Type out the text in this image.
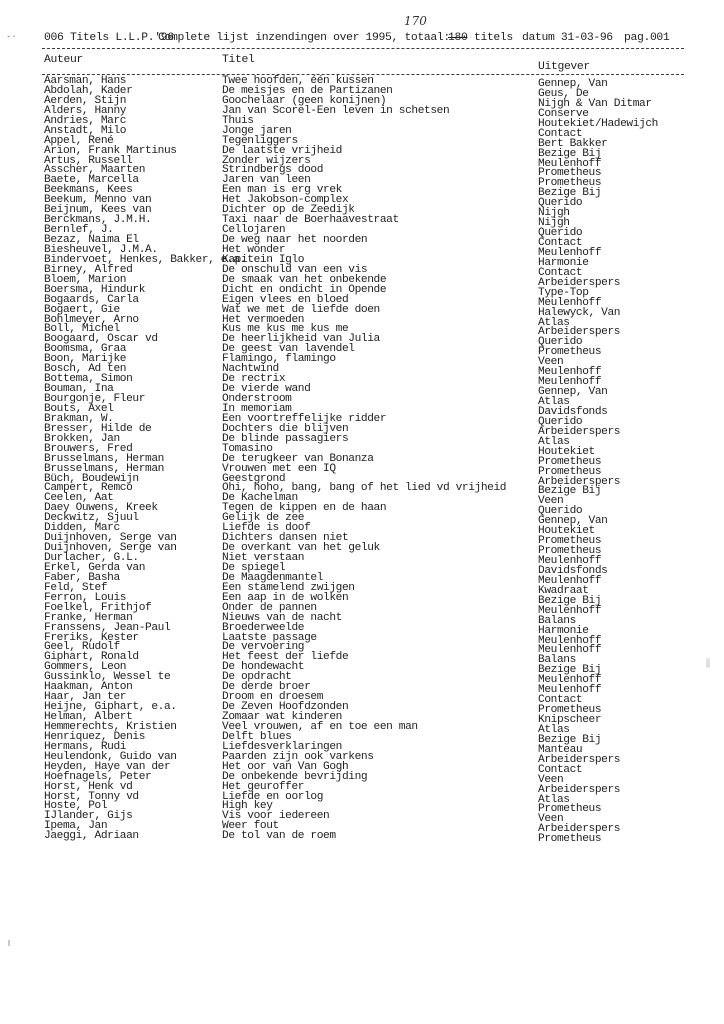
-·
170
006 Titels L.L.P.'96
Complete lijst inzendingen over 1995, totaal:
180 titels datum 31-03-96 pag.001
Auteur	Titel
Uitgever
Aarsman, Hans
Abdolah, Kader
Aerden, Stijn
Alders, Hanny
Andries, Marc
Anstadt, Milo
Appel, René
Arion, Frank Martinus
Artus, Russell
Asscher, Maarten
Baete, Marcella
Beekmans, Kees
Beekum, Menno van
Beijnum, Kees van
Berckmans, J.M.H.
Bernlef, J.
Bezaz, Naima El
Biesheuvel, J.M.A.
Bindervoet, Henkes, Bakker, e.a.
Birney, Alfred
Bloem, Marion
Boersma, Hindurk
Bogaards, Carla
Bogaert, Gie
Bohlmeyer, Arno
Boll, Michel
Boogaard, Oscar vd
Boomsma, Graa
Boon, Marijke
Bosch, Ad ten
Bottema, Simon
Bouman, Ina
Bourgonje, Fleur
Bouts, Axel
Brakman, W.
Bresser, Hilde de
Brokken, Jan
Brouwers, Fred
Brusselmans, Herman
Brusselmans, Herman
Büch, Boudewijn
Campert, Remco
Ceelen, Aat
Daey Ouwens, Kreek
Deckwitz, Sjuul
Didden, Marc
Duijnhoven, Serge van
Duijnhoven, Serge van
Durlacher, G.L.
Erkel, Gerda van
Faber, Basha
Feld, Stef
Ferron, Louis
Foelkel, Frithjof
Franke, Herman
Franssens, Jean-Paul
Freriks, Kester
Geel, Rudolf
Giphart, Ronald
Gommers, Leon
Gussinklo, Wessel te
Haakman, Anton
Haar, Jan ter
Heijne, Giphart, e.a.
Helman, Albert
Hemmerechts, Kristien
Henriquez, Denis
Hermans, Rudi
Heulendonk, Guido van
Heyden, Haye van der
Hoefnagels, Peter
Horst, Henk vd
Horst, Tonny vd
Hoste, Pol
IJlander, Gijs
Ipema, Jan
Jaeggi, Adriaan
Twee hoofden, één kussen
De meisjes en de Partizanen
Goochelaar (geen konijnen)
Jan van Scorel-Een leven in schetsen
Thuis
Jonge jaren
Tegenliggers
De laatste vrijheid
Zonder wijzers
Strindbergs dood
Jaren van leen
Een man is erg vrek
Het Jakobson-complex
Dichter op de Zeedijk
Taxi naar de Boerhaavestraat
Cellojaren
De weg naar het noorden
Het wonder
Kapitein Iglo
De onschuld van een vis
De smaak van het onbekende
Dicht en ondicht in Opende
Eigen vlees en bloed
Wat we met de liefde doen
Het vermoeden
Kus me kus me kus me
De heerlijkheid van Julia
De geest van lavendel
Flamingo, flamingo
Nachtwind
De rectrix
De vierde wand
Onderstroom
In memoriam
Een voortreffelijke ridder
Dochters die blijven
De blinde passagiers
Tomasino
De terugkeer van Bonanza
Vrouwen met een IQ
Geestgrond
Ohi, hoho, bang, bang of het lied vd vrijheid
De Kachelman
Tegen de kippen en de haan
Gelijk de zee
Liefde is doof
Dichters dansen niet
De overkant van het geluk
Niet verstaan
De spiegel
De Maagdenmantel
Een stamelend zwijgen
Een aap in de wolken
Onder de pannen
Nieuws van de nacht
Broederweelde
Laatste passage
De vervoering
Het feest der liefde
De hondewacht
De opdracht
De derde broer
Droom en droesem
De Zeven Hoofdzonden
Zomaar wat kinderen
Veel vrouwen, af en toe een man
Delft blues
Liefdesverklaringen
Paarden zijn ook varkens
Het oor van Van Gogh
De onbekende bevrijding
Het geuroffer
Liefde en oorlog
High key
Vis voor iedereen
Weer fout
De tol van de roem
Gennep, Van
Geus, De
Nijgh & Van Ditmar
Conserve
Houtekiet/Hadewijch
Contact
Bert Bakker
Bezige Bij
Meulenhoff
Prometheus
Prometheus
Bezige Bij
Querido
Nijgh
Nijgh
Querido
Contact
Meulenhoff
Harmonie
Contact
Arbeiderspers
Type-Top
Meulenhoff
Halewyck, Van
Atlas
Arbeiderspers
Querido
Prometheus
Veen
Meulenhoff
Meulenhoff
Gennep, Van
Atlas
Davidsfonds
Querido
Arbeiderspers
Atlas
Houtekiet
Prometheus
Prometheus
Arbeiderspers
Bezige Bij
Veen
Querido
Gennep, Van
Houtekiet
Prometheus
Prometheus
Meulenhoff
Davidsfonds
Meulenhoff
Kwadraat
Bezige Bij
Meulenhoff
Balans
Harmonie
Meulenhoff
Meulenhoff
Balans
Bezige Bij
Meulenhoff
Meulenhoff
Contact
Prometheus
Knipscheer
Atlas
Bezige Bij
Manteau
Arbeiderspers
Contact
Veen
Arbeiderspers
Atlas
Prometheus
Veen
Arbeiderspers
Prometheus
